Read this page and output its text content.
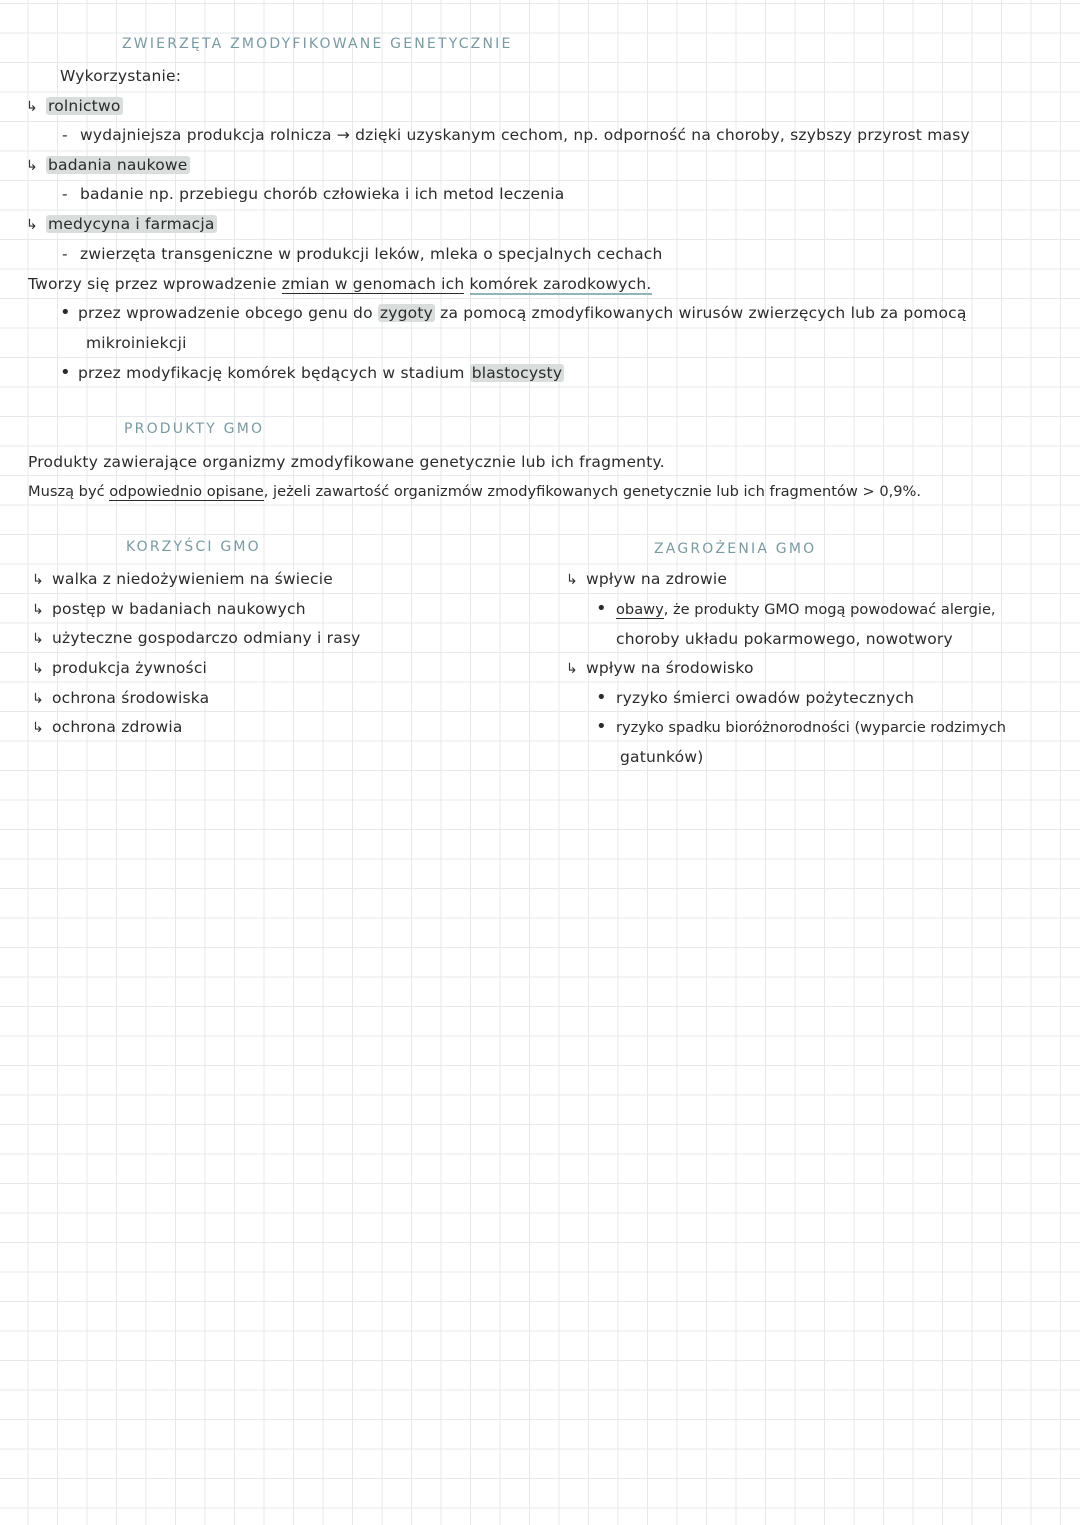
ZWIERZĘTA ZMODYFIKOWANE GENETYCZNIE
Wykorzystanie:
↳ rolnictwo
- wydajniejsza produkcja rolnicza → dzięki uzyskanym cechom, np. odporność na choroby, szybszy przyrost masy
↳ badania naukowe
- badanie np. przebiegu chorób człowieka i ich metod leczenia
↳ medycyna i farmacja
- zwierzęta transgeniczne w produkcji leków, mleka o specjalnych cechach
Tworzy się przez wprowadzenie zmian w genomach ich komórek zarodkowych.
• przez wprowadzenie obcego genu do zygoty za pomocą zmodyfikowanych wirusów zwierzęcych lub za pomocą
mikroiniekcji
• przez modyfikację komórek będących w stadium blastocysty
PRODUKTY GMO
Produkty zawierające organizmy zmodyfikowane genetycznie lub ich fragmenty.
Muszą być odpowiednio opisane, jeżeli zawartość organizmów zmodyfikowanych genetycznie lub ich fragmentów > 0,9%.
KORZYŚCI GMO
↳ walka z niedożywieniem na świecie
↳ postęp w badaniach naukowych
↳ użyteczne gospodarczo odmiany i rasy
↳ produkcja żywności
↳ ochrona środowiska
↳ ochrona zdrowia
ZAGROŻENIA GMO
↳ wpływ na zdrowie
• obawy, że produkty GMO mogą powodować alergie,
choroby układu pokarmowego, nowotwory
↳ wpływ na środowisko
• ryzyko śmierci owadów pożytecznych
• ryzyko spadku bioróżnorodności (wyparcie rodzimych
gatunków)
